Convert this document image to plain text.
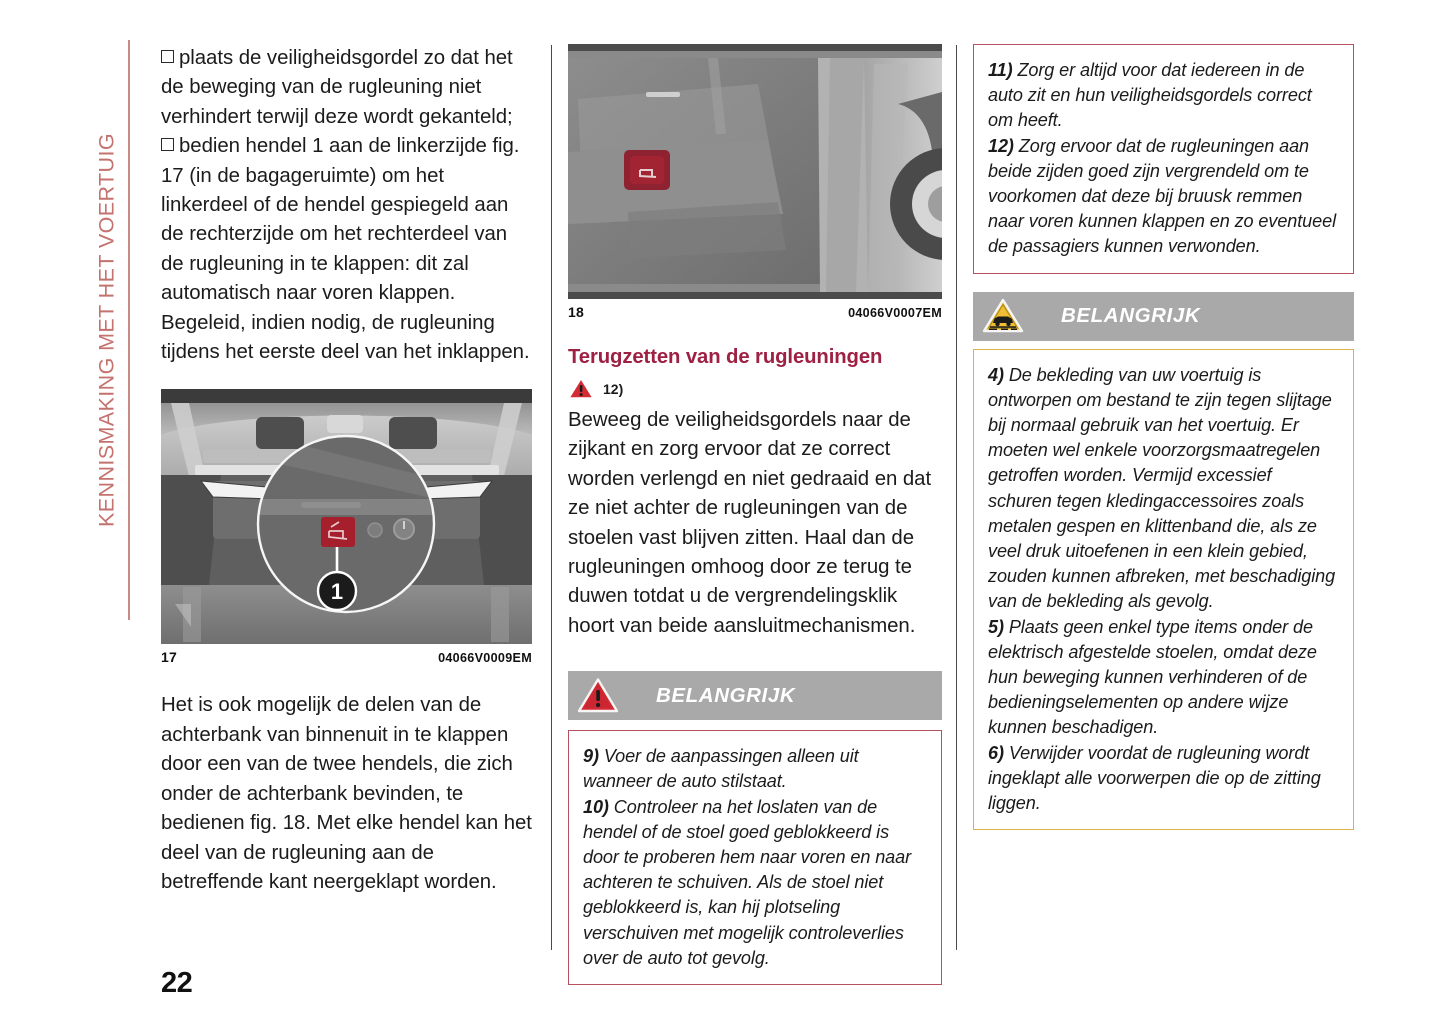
KENNISMAKING MET HET VOERTUIG

plaats de veiligheidsgordel zo dat het de beweging van de rugleuning niet verhindert terwijl deze wordt gekanteld;

bedien hendel 1 aan de linkerzijde fig. 17 (in de bagageruimte) om het linkerdeel of de hendel gespiegeld aan de rechterzijde om het rechterdeel van de rugleuning in te klappen: dit zal automatisch naar voren klappen. Begeleid, indien nodig, de rugleuning tijdens het eerste deel van het inklappen.

1
17	04066V0009EM
Het is ook mogelijk de delen van de achterbank van binnenuit in te klappen door een van de twee hendels, die zich onder de achterbank bevinden, te bedienen fig. 18. Met elke hendel kan het deel van de rugleuning aan de betreffende kant neergeklapt worden.
18	04066V0007EM
Terugzetten van de rugleuningen
12)
Beweeg de veiligheidsgordels naar de zijkant en zorg ervoor dat ze correct worden verlengd en niet gedraaid en dat ze niet achter de rugleuningen van de stoelen vast blijven zitten. Haal dan de rugleuningen omhoog door ze terug te duwen totdat u de vergrendelingsklik hoort van beide aansluitmechanismen.
BELANGRIJK

9) Voer de aanpassingen alleen uit wanneer de auto stilstaat.

10) Controleer na het loslaten van de hendel of de stoel goed geblokkeerd is door te proberen hem naar voren en naar achteren te schuiven. Als de stoel niet geblokkeerd is, kan hij plotseling verschuiven met mogelijk controleverlies over de auto tot gevolg.

11) Zorg er altijd voor dat iedereen in de auto zit en hun veiligheidsgordels correct om heeft.

12) Zorg ervoor dat de rugleuningen aan beide zijden goed zijn vergrendeld om te voorkomen dat deze bij bruusk remmen naar voren kunnen klappen en zo eventueel de passagiers kunnen verwonden.

BELANGRIJK

4) De bekleding van uw voertuig is ontworpen om bestand te zijn tegen slijtage bij normaal gebruik van het voertuig. Er moeten wel enkele voorzorgsmaatregelen getroffen worden. Vermijd excessief schuren tegen kledingaccessoires zoals metalen gespen en klittenband die, als ze veel druk uitoefenen in een klein gebied, zouden kunnen afbreken, met beschadiging van de bekleding als gevolg.

5) Plaats geen enkel type items onder de elektrisch afgestelde stoelen, omdat deze hun beweging kunnen verhinderen of de bedieningselementen op andere wijze kunnen beschadigen.

6) Verwijder voordat de rugleuning wordt ingeklapt alle voorwerpen die op de zitting liggen.

22
